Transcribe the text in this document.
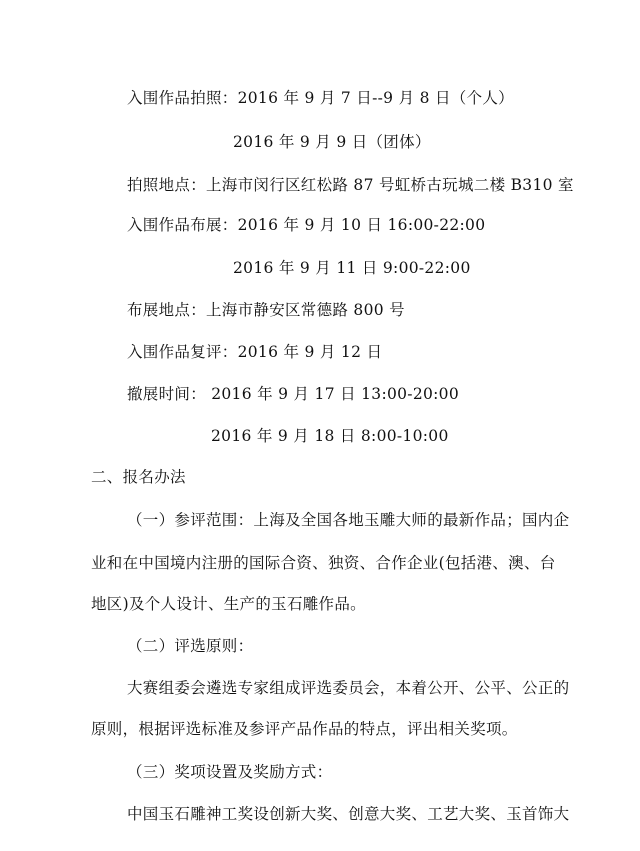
入围作品拍照：2016 年 9 月 7 日--9 月 8 日（个人）
2016 年 9 月 9 日（团体）
拍照地点：上海市闵行区红松路 87 号虹桥古玩城二楼 B310 室
入围作品布展：2016 年 9 月 10 日 16:00-22:00
2016 年 9 月 11 日 9:00-22:00
布展地点：上海市静安区常德路 800 号
入围作品复评：2016 年 9 月 12 日
撤展时间： 2016 年 9 月 17 日 13:00-20:00
2016 年 9 月 18 日 8:00-10:00
二、报名办法
（一）参评范围：上海及全国各地玉雕大师的最新作品；国内企
业和在中国境内注册的国际合资、独资、合作企业(包括港、澳、台
地区)及个人设计、生产的玉石雕作品。
（二）评选原则：
大赛组委会遴选专家组成评选委员会，本着公开、公平、公正的
原则，根据评选标准及参评产品作品的特点，评出相关奖项。
（三）奖项设置及奖励方式：
中国玉石雕神工奖设创新大奖、创意大奖、工艺大奖、玉首饰大
